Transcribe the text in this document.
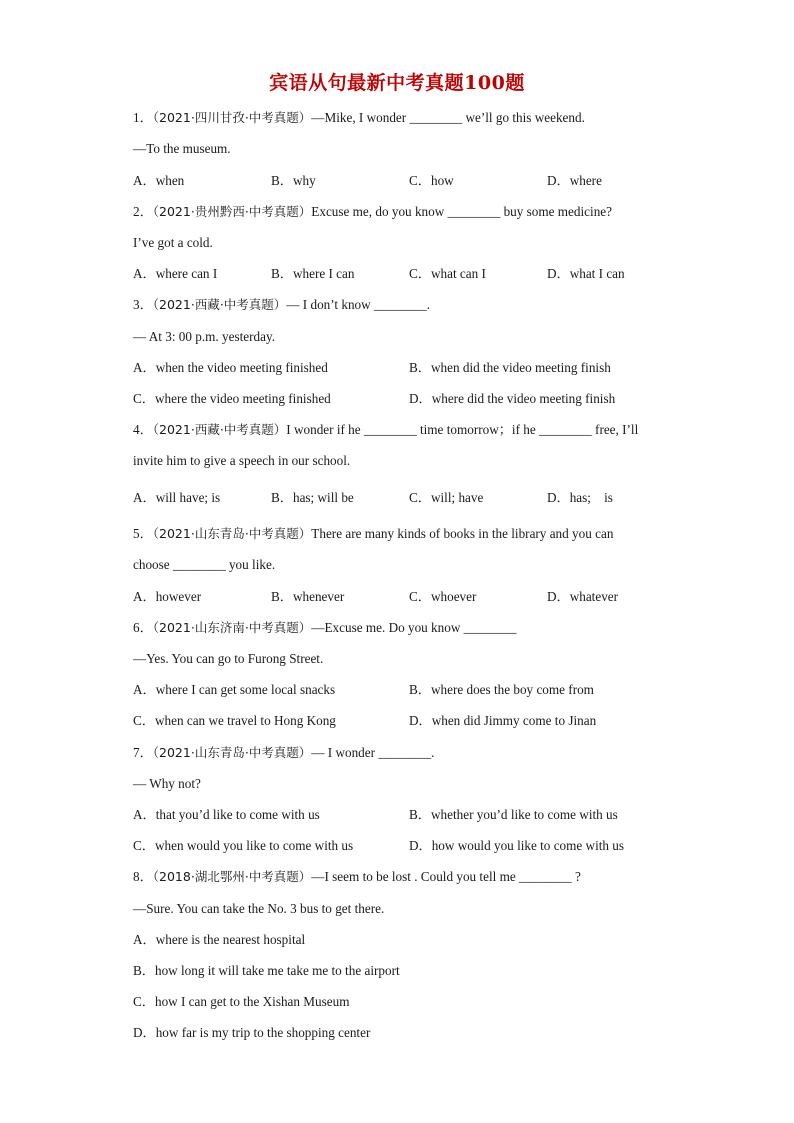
宾语从句最新中考真题100题
1．（2021·四川甘孜·中考真题）—Mike, I wonder ________ we’ll go this weekend.
—To the museum.
A．when	B．why	C．how	D．where
2．（2021·贵州黔西·中考真题）Excuse me, do you know ________ buy some medicine?
I’ve got a cold.
A．where can I	B．where I can	C．what can I	D．what I can
3．（2021·西藏·中考真题）— I don’t know ________.
— At 3: 00 p.m. yesterday.
A．when the video meeting finished	B．when did the video meeting finish
C．where the video meeting finished	D．where did the video meeting finish
4．（2021·西藏·中考真题）I wonder if he ________ time tomorrow；if he ________ free, I’ll
invite him to give a speech in our school.
A．will have; is	B．has; will be	C．will; have	D．has;    is
5．（2021·山东青岛·中考真题）There are many kinds of books in the library and you can
choose ________ you like.
A．however	B．whenever	C．whoever	D．whatever
6．（2021·山东济南·中考真题）—Excuse me. Do you know ________
—Yes. You can go to Furong Street.
A．where I can get some local snacks	B．where does the boy come from
C．when can we travel to Hong Kong	D．when did Jimmy come to Jinan
7．（2021·山东青岛·中考真题）— I wonder ________.
— Why not?
A．that you’d like to come with us	B．whether you’d like to come with us
C．when would you like to come with us	D．how would you like to come with us
8．（2018·湖北鄂州·中考真题）—I seem to be lost . Could you tell me ________ ?
—Sure. You can take the No. 3 bus to get there.
A．where is the nearest hospital
B．how long it will take me take me to the airport
C．how I can get to the Xishan Museum
D．how far is my trip to the shopping center
